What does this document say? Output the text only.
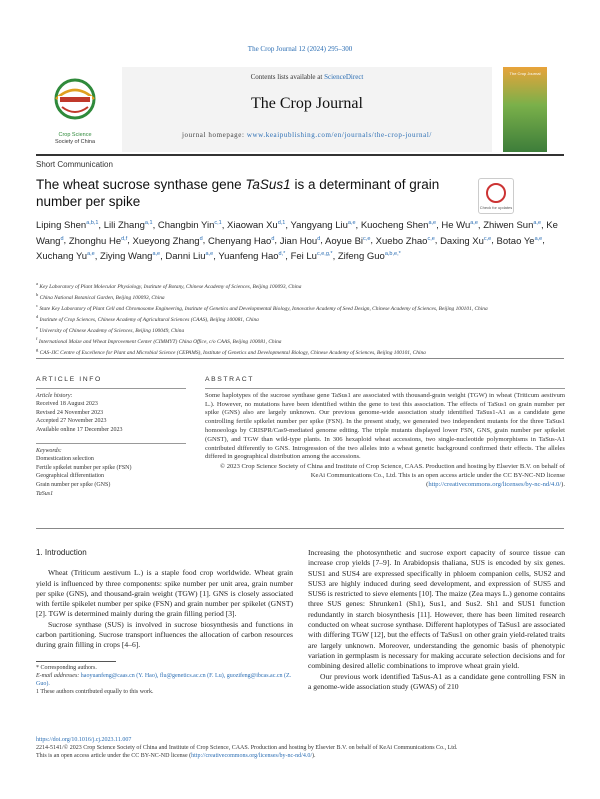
The Crop Journal 12 (2024) 295–300
Crop Science
Society of China
Contents lists available at ScienceDirect
The Crop Journal
journal homepage: www.keaipublishing.com/en/journals/the-crop-journal/
The Crop Journal
Short Communication
The wheat sucrose synthase gene TaSus1 is a determinant of grain number per spike	Check for updates
Liping Shen$^{a,b,1}$, Lili Zhang$^{a,1}$, Changbin Yin$^{c,1}$, Xiaowan Xu$^{d,1}$, Yangyang Liu$^{a,e}$, Kuocheng Shen$^{a,e}$, He Wu$^{a,e}$, Zhiwen Sun$^{a,e}$, Ke Wang$^d$, Zhonghu He$^{d,f}$, Xueyong Zhang$^d$, Chenyang Hao$^d$, Jian Hou$^d$, Aoyue Bi$^{c,e}$, Xuebo Zhao$^{c,e}$, Daxing Xu$^{c,e}$, Botao Ye$^{a,e}$, Xuchang Yu$^{a,e}$, Ziying Wang$^{a,e}$, Danni Liu$^{a,e}$, Yuanfeng Hao$^{d,*}$, Fei $Lu^{c,e,g,*}$, Zifeng Guo$^{a,b,e,*}$
$^a$ Key Laboratory of Plant Molecular Physiology, Institute of Botany, Chinese Academy of Sciences, Beijing 100093, China
$^b$ China National Botanical Garden, Beijing 100093, China
$^c$ State Key Laboratory of Plant Cell and Chromosome Engineering, Institute of Genetics and Developmental Biology, Innovative Academy of Seed Design, Chinese Academy of Sciences, Beijing 100101, China
$^d$ Institute of Crop Sciences, Chinese Academy of Agricultural Sciences (CAAS), Beijing 100081, China
$^e$ University of Chinese Academy of Sciences, Beijing 100049, China
$^f$ International Maize and Wheat Improvement Center (CIMMYT) China Office, c/o CAAS, Beijing 100081, China
$^g$ CAS-JIC Centre of Excellence for Plant and Microbial Science (CEPAMS), Institute of Genetics and Developmental Biology, Chinese Academy of Sciences, Beijing 100101, China
ARTICLE INFO
Article history:
Received 18 August 2023
Revised 24 November 2023
Accepted 27 November 2023
Available online 17 December 2023
Keywords:
Domestication selection
Fertile spikelet number per spike (FSN)
Geographical differentiation
Grain number per spike (GNS)
TaSus1
ABSTRACT
Some haplotypes of the sucrose synthase gene TaSus1 are associated with thousand-grain weight (TGW) in wheat (Triticum aestivum L.). However, no mutations have been identified within the gene to test this association. The effects of TaSus1 on grain number per spike (GNS) also are largely unknown. Our previous genome-wide association study identified TaSus1-A1 as a candidate gene controlling fertile spikelet number per spike (FSN). In the present study, we generated two independent mutants for the three TaSus1 homoeologs by CRISPR/Cas9-mediated genome editing. The triple mutants displayed lower FSN, GNS, grain number per spikelet (GNST), and TGW than wild-type plants. In 306 hexaploid wheat accessions, two single-nucleotide polymorphisms in TaSus-A1 contributed differently to GNS. Introgression of the two alleles into a wheat genetic background confirmed their effects. The alleles differed in geographical distribution among the accessions.
© 2023 Crop Science Society of China and Institute of Crop Science, CAAS. Production and hosting by Elsevier B.V. on behalf of KeAi Communications Co., Ltd. This is an open access article under the CC BY-NC-ND license (http://creativecommons.org/licenses/by-nc-nd/4.0/).
1. Introduction

Wheat (Triticum aestivum L.) is a staple food crop worldwide. Wheat grain yield is influenced by three components: spike number per unit area, grain number per spike (GNS), and thousand-grain weight (TGW) [1]. GNS is closely associated with fertile spikelet number per spike (FSN) and grain number per spikelet (GNST) [2]. TGW is determined mainly during the grain filling period [3].

Sucrose synthase (SUS) is involved in sucrose biosynthesis and functions in carbon partitioning. Sucrose transport influences the allocation of carbon resources during grain filling in crops [4–6].

Increasing the photosynthetic and sucrose export capacity of source tissue can increase crop yields [7–9]. In Arabidopsis thaliana, SUS is encoded by six genes. SUS1 and SUS4 are expressed specifically in phloem companion cells, SUS2 and SUS3 are highly induced during seed development, and expression of SUS5 and SUS6 is restricted to sieve elements [10]. The maize (Zea mays L.) genome contains three SUS genes: Shrunken1 (Sh1), Sus1, and Sus2. Sh1 and SUS1 function redundantly in starch biosynthesis [11]. However, there has been limited research conducted on wheat sucrose synthase. Different haplotypes of TaSus1 are associated with differing TGW [12], but the effects of TaSus1 on other grain yield-related traits are largely unknown. Moreover, understanding the genomic basis of phenotypic variation in germplasm is necessary for making accurate selection decisions and for combining desired allelic combinations to improve wheat grain yield.

Our previous work identified TaSus-A1 as a candidate gene controlling FSN in a genome-wide association study (GWAS) of 210

* Corresponding authors.
E-mail addresses: haoyuanfeng@caas.cn (Y. Hao), flu@genetics.ac.cn (F. Lu), guozifeng@ibcas.ac.cn (Z. Guo).
1 These authors contributed equally to this work.
https://doi.org/10.1016/j.cj.2023.11.007
2214-5141/© 2023 Crop Science Society of China and Institute of Crop Science, CAAS. Production and hosting by Elsevier B.V. on behalf of KeAi Communications Co., Ltd.
This is an open access article under the CC BY-NC-ND license (http://creativecommons.org/licenses/by-nc-nd/4.0/).
